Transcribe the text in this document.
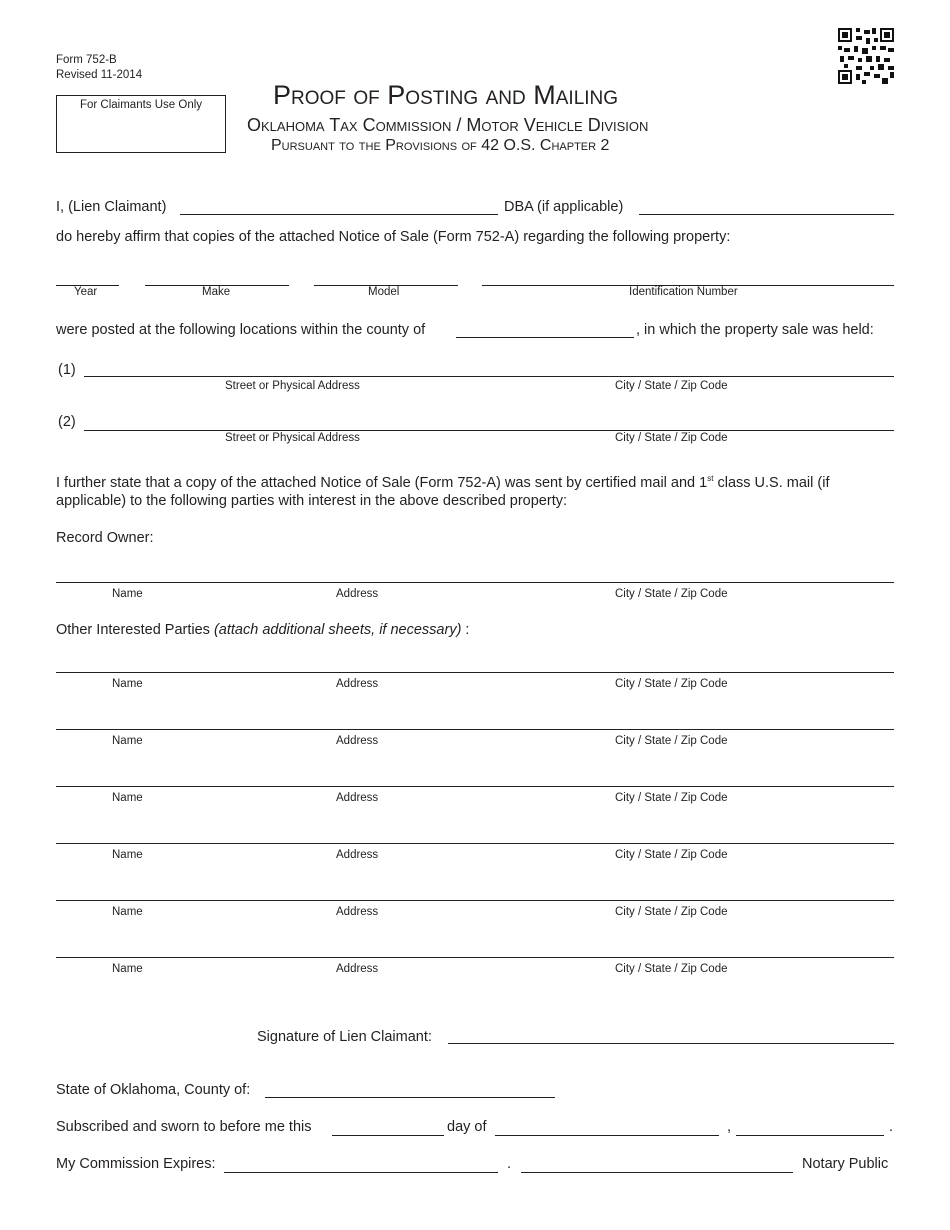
Form 752-B
Revised 11-2014
For Claimants Use Only	Proof of Posting and Mailing
Oklahoma Tax Commission / Motor Vehicle Division
Pursuant to the Provisions of 42 O.S. Chapter 2
I, (Lien Claimant)	DBA (if applicable)
do hereby affirm that copies of the attached Notice of Sale (Form 752-A) regarding the following property:
Year	Make	Model	Identification Number
were posted at the following locations within the county of	, in which the property sale was held:
(1)
Street or Physical Address	City / State / Zip Code
(2)
Street or Physical Address	City / State / Zip Code
I further state that a copy of the attached Notice of Sale (Form 752-A) was sent by certified mail and 1st class U.S. mail (if
applicable) to the following parties with interest in the above described property:
Record Owner:
Name	Address	City / State / Zip Code
Other Interested Parties (attach additional sheets, if necessary) :
Name	Address	City / State / Zip Code
Name	Address	City / State / Zip Code
Name	Address	City / State / Zip Code
Name	Address	City / State / Zip Code
Name	Address	City / State / Zip Code
Name	Address	City / State / Zip Code
Signature of Lien Claimant:
State of Oklahoma, County of:
Subscribed and sworn to before me this	day of	,	.
My Commission Expires:	.	Notary Public
